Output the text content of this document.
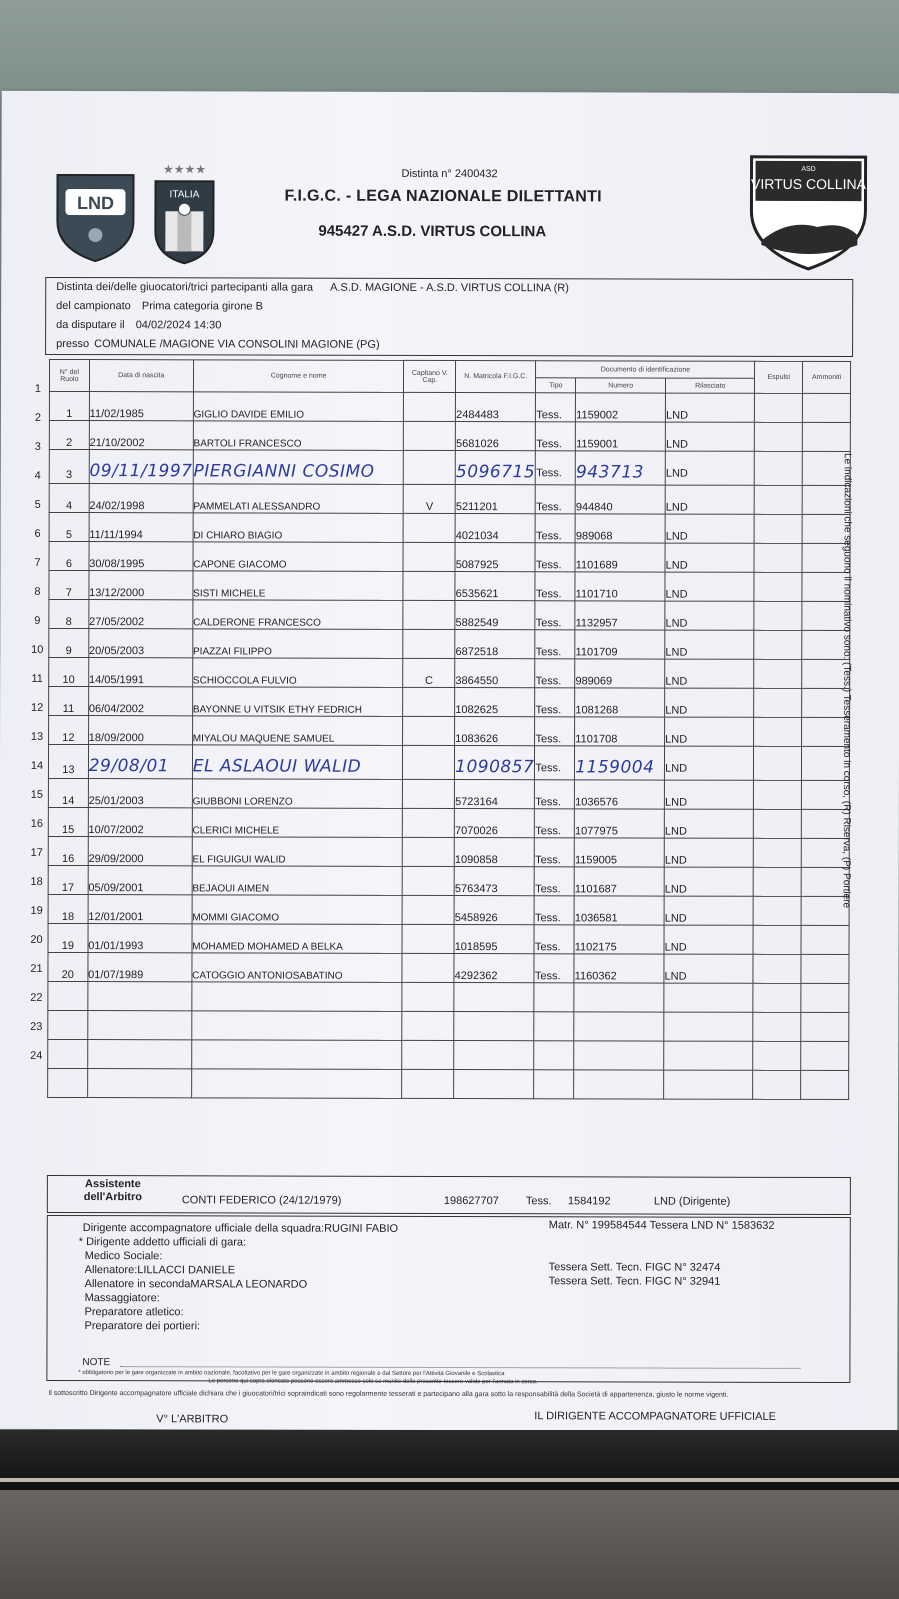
LND
★★★★
ITALIA
ASD
VIRTUS COLLINA
Distinta n° 2400432
F.I.G.C. - LEGA NAZIONALE DILETTANTI
945427 A.S.D. VIRTUS COLLINA
Distinta dei/delle giuocatori/trici partecipanti alla gara A.S.D. MAGIONE - A.S.D. VIRTUS COLLINA (R)
del campionato Prima categoria girone B
da disputare il 04/02/2024 14:30
presso COMUNALE /MAGIONE VIA CONSOLINI MAGIONE (PG)
1
2
3
4
5
6
7
8
9
10
11
12
13
14
15
16
17
18
19
20
21
22
23
24
N° del Ruolo	Data di nascita	Cognome e nome	Capitano V. Cap.	N. Matricola F.I.G.C.	Documento di identificazione			Espulsi	Ammoniti
					Tipo	Numero	Rilasciato		
1	11/02/1985	GIGLIO DAVIDE EMILIO		2484483	Tess.	1159002	LND		
2	21/10/2002	BARTOLI FRANCESCO		5681026	Tess.	1159001	LND		
3	09/11/1997	PIERGIANNI COSIMO		5096715	Tess.	943713	LND		
4	24/02/1998	PAMMELATI ALESSANDRO	V	5211201	Tess.	944840	LND		
5	11/11/1994	DI CHIARO BIAGIO		4021034	Tess.	989068	LND		
6	30/08/1995	CAPONE GIACOMO		5087925	Tess.	1101689	LND		
7	13/12/2000	SISTI MICHELE		6535621	Tess.	1101710	LND		
8	27/05/2002	CALDERONE FRANCESCO		5882549	Tess.	1132957	LND		
9	20/05/2003	PIAZZAI FILIPPO		6872518	Tess.	1101709	LND		
10	14/05/1991	SCHIOCCOLA FULVIO	C	3864550	Tess.	989069	LND		
11	06/04/2002	BAYONNE U VITSIK ETHY FEDRICH		1082625	Tess.	1081268	LND		
12	18/09/2000	MIYALOU MAQUENE SAMUEL		1083626	Tess.	1101708	LND		
13	29/08/01	EL ASLAOUI WALID		1090857	Tess.	1159004	LND		
14	25/01/2003	GIUBBONI LORENZO		5723164	Tess.	1036576	LND		
15	10/07/2002	CLERICI MICHELE		7070026	Tess.	1077975	LND		
16	29/09/2000	EL FIGUIGUI WALID		1090858	Tess.	1159005	LND		
17	05/09/2001	BEJAOUI AIMEN		5763473	Tess.	1101687	LND		
18	12/01/2001	MOMMI GIACOMO		5458926	Tess.	1036581	LND		
19	01/01/1993	MOHAMED MOHAMED A BELKA		1018595	Tess.	1102175	LND		
20	01/07/1989	CATOGGIO ANTONIOSABATINO		4292362	Tess.	1160362	LND		

Assistente dell'Arbitro	CONTI FEDERICO (24/12/1979)	198627707 Tess. 1584192	LND (Dirigente)
Dirigente accompagnatore ufficiale della squadra:RUGINI FABIO	Matr. N° 199584544 Tessera LND N° 1583632
* Dirigente addetto ufficiali di gara:
Medico Sociale:
Allenatore:LILLACCI DANIELE	Tessera Sett. Tecn. FIGC N° 32474
Allenatore in secondaMARSALA LEONARDO	Tessera Sett. Tecn. FIGC N° 32941
Massaggiatore:
Preparatore atletico:
Preparatore dei portieri:
NOTE
* obbligatorio per le gare organizzate in ambito nazionale, facoltativo per le gare organizzate in ambito regionale e dal Settore per l'Attività Giovanile e Scolastica
Le persone qui sopra elencate possono essere ammesse solo se munite delle prescritte tessere valide per l'annata in corso.
Il sottoscritto Dirigente accompagnatore ufficiale dichiara che i giuocatori/trici sopraindicati sono regolarmente tesserati e partecipano alla gara sotto la responsabilità della Società di appartenenza, giusto le norme vigenti.
V° L'ARBITRO	IL DIRIGENTE ACCOMPAGNATORE UFFICIALE
Le indicazioni che seguono il nominativo sono: (Tess.) Tesseramento in corso, (R) Riserva, (P) Portiere
